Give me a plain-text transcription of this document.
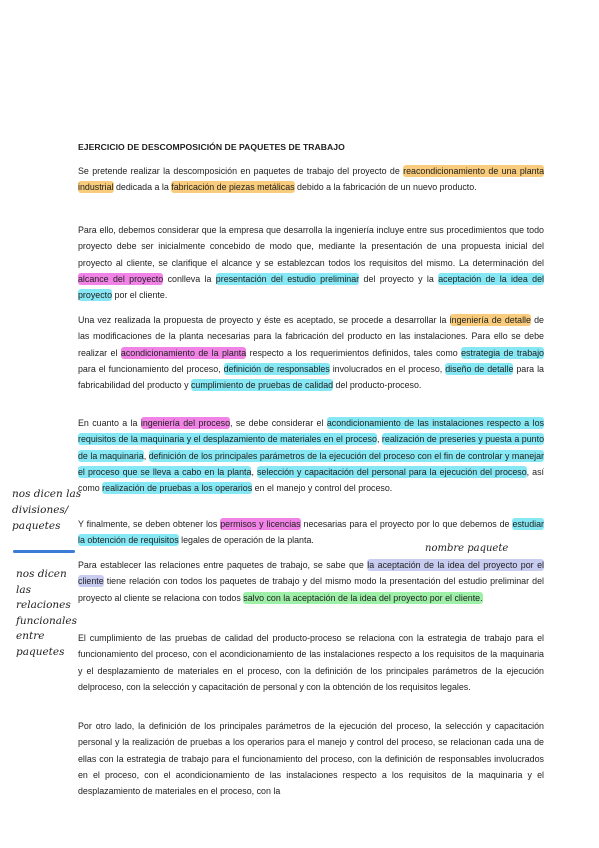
EJERCICIO DE DESCOMPOSICIÓN DE PAQUETES DE TRABAJO

Se pretende realizar la descomposición en paquetes de trabajo del proyecto de reacondicionamiento de una planta industrial dedicada a la fabricación de piezas metálicas debido a la fabricación de un nuevo producto.

Para ello, debemos considerar que la empresa que desarrolla la ingeniería incluye entre sus procedimientos que todo proyecto debe ser inicialmente concebido de modo que, mediante la presentación de una propuesta inicial del proyecto al cliente, se clarifique el alcance y se establezcan todos los requisitos del mismo. La determinación del alcance del proyecto conlleva la presentación del estudio preliminar del proyecto y la aceptación de la idea del proyecto por el cliente.

Una vez realizada la propuesta de proyecto y éste es aceptado, se procede a desarrollar la ingeniería de detalle de las modificaciones de la planta necesarias para la fabricación del producto en las instalaciones. Para ello se debe realizar el acondicionamiento de la planta respecto a los requerimientos definidos, tales como estrategia de trabajo para el funcionamiento del proceso, definición de responsables involucrados en el proceso, diseño de detalle para la fabricabilidad del producto y cumplimiento de pruebas de calidad del producto-proceso.

En cuanto a la ingeniería del proceso, se debe considerar el acondicionamiento de las instalaciones respecto a los requisitos de la maquinaria y el desplazamiento de materiales en el proceso, realización de preseries y puesta a punto de la maquinaria, definición de los principales parámetros de la ejecución del proceso con el fin de controlar y manejar el proceso que se lleva a cabo en la planta, selección y capacitación del personal para la ejecución del proceso, así como realización de pruebas a los operarios en el manejo y control del proceso.

Y finalmente, se deben obtener los permisos y licencias necesarias para el proyecto por lo que debemos de estudiar la obtención de requisitos legales de operación de la planta.

Para establecer las relaciones entre paquetes de trabajo, se sabe que la aceptación de la idea del proyecto por el cliente tiene relación con todos los paquetes de trabajo y del mismo modo la presentación del estudio preliminar del proyecto al cliente se relaciona con todos salvo con la aceptación de la idea del proyecto por el cliente.

El cumplimiento de las pruebas de calidad del producto-proceso se relaciona con la estrategia de trabajo para el funcionamiento del proceso, con el acondicionamiento de las instalaciones respecto a los requisitos de la maquinaria y el desplazamiento de materiales en el proceso, con la definición de los principales parámetros de la ejecución delproceso, con la selección y capacitación de personal y con la obtención de los requisitos legales.

Por otro lado, la definición de los principales parámetros de la ejecución del proceso, la selección y capacitación personal y la realización de pruebas a los operarios para el manejo y control del proceso, se relacionan cada una de ellas con la estrategia de trabajo para el funcionamiento del proceso, con la definición de responsables involucrados en el proceso, con el acondicionamiento de las instalaciones respecto a los requisitos de la maquinaria y el desplazamiento de materiales en el proceso, con la

nos dicen las
divisiones/
paquetes
nombre paquete
nos dicen
las
relaciones
funcionales
entre
paquetes
